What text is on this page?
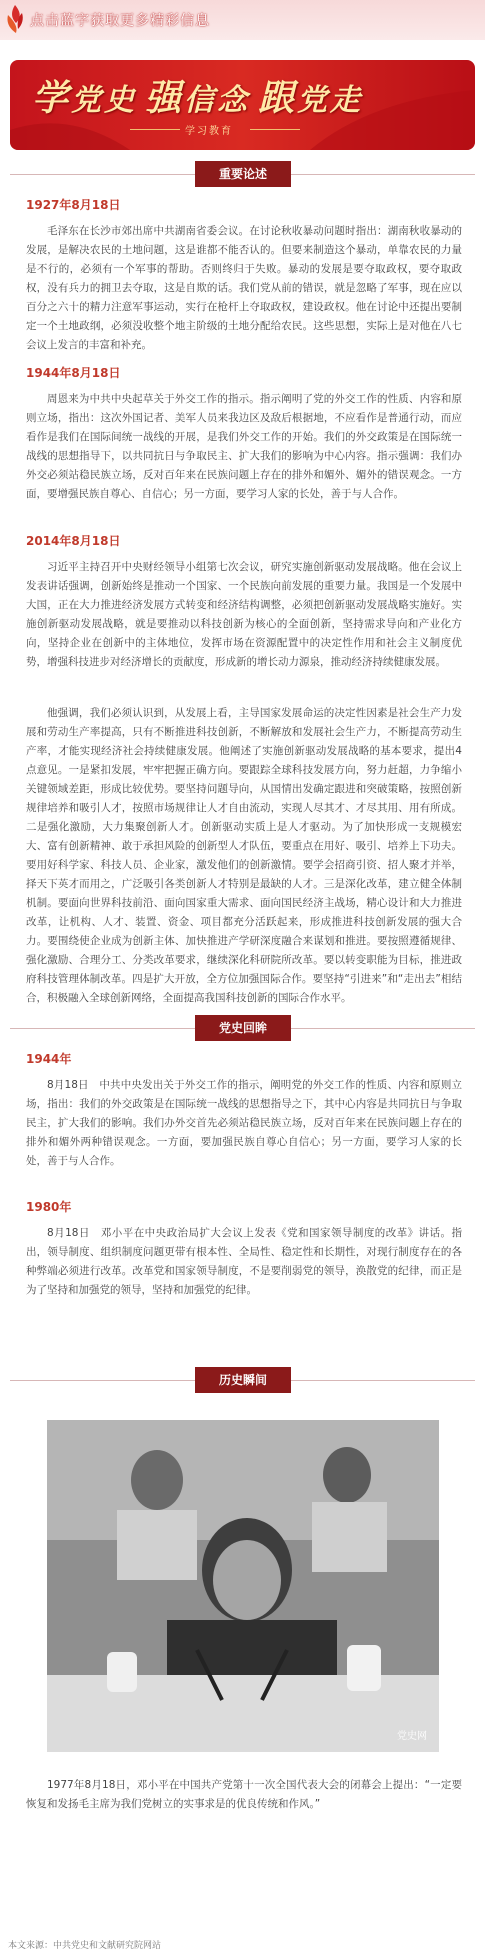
点击蓝字获取更多精彩信息
学党史 强信念 跟党走
学习教育
重要论述
1927年8月18日
毛泽东在长沙市郊出席中共湖南省委会议。在讨论秋收暴动问题时指出：湖南秋收暴动的发展，是解决农民的土地问题，这是谁都不能否认的。但要来制造这个暴动，单靠农民的力量是不行的，必须有一个军事的帮助。否则终归于失败。暴动的发展是要夺取政权，要夺取政权，没有兵力的拥卫去夺取，这是自欺的话。我们党从前的错误，就是忽略了军事，现在应以百分之六十的精力注意军事运动，实行在枪杆上夺取政权，建设政权。他在讨论中还提出要制定一个土地政纲，必须没收整个地主阶级的土地分配给农民。这些思想，实际上是对他在八七会议上发言的丰富和补充。
1944年8月18日
周恩来为中共中央起草关于外交工作的指示。指示阐明了党的外交工作的性质、内容和原则立场，指出：这次外国记者、美军人员来我边区及敌后根据地，不应看作是普通行动，而应看作是我们在国际间统一战线的开展，是我们外交工作的开始。我们的外交政策是在国际统一战线的思想指导下，以共同抗日与争取民主、扩大我们的影响为中心内容。指示强调：我们办外交必须站稳民族立场，反对百年来在民族问题上存在的排外和媚外、媚外的错误观念。一方面，要增强民族自尊心、自信心；另一方面，要学习人家的长处，善于与人合作。
2014年8月18日
习近平主持召开中央财经领导小组第七次会议，研究实施创新驱动发展战略。他在会议上发表讲话强调，创新始终是推动一个国家、一个民族向前发展的重要力量。我国是一个发展中大国，正在大力推进经济发展方式转变和经济结构调整，必须把创新驱动发展战略实施好。实施创新驱动发展战略，就是要推动以科技创新为核心的全面创新，坚持需求导向和产业化方向，坚持企业在创新中的主体地位，发挥市场在资源配置中的决定性作用和社会主义制度优势，增强科技进步对经济增长的贡献度，形成新的增长动力源泉，推动经济持续健康发展。
他强调，我们必须认识到，从发展上看，主导国家发展命运的决定性因素是社会生产力发展和劳动生产率提高，只有不断推进科技创新，不断解放和发展社会生产力，不断提高劳动生产率，才能实现经济社会持续健康发展。他阐述了实施创新驱动发展战略的基本要求，提出4点意见。一是紧扣发展，牢牢把握正确方向。要跟踪全球科技发展方向，努力赶超，力争缩小关键领域差距，形成比较优势。要坚持问题导向，从国情出发确定跟进和突破策略，按照创新规律培养和吸引人才，按照市场规律让人才自由流动，实现人尽其才、才尽其用、用有所成。二是强化激励，大力集聚创新人才。创新驱动实质上是人才驱动。为了加快形成一支规模宏大、富有创新精神、敢于承担风险的创新型人才队伍，要重点在用好、吸引、培养上下功夫。要用好科学家、科技人员、企业家，激发他们的创新激情。要学会招商引资、招人聚才并举，择天下英才而用之，广泛吸引各类创新人才特别是最缺的人才。三是深化改革，建立健全体制机制。要面向世界科技前沿、面向国家重大需求、面向国民经济主战场，精心设计和大力推进改革，让机构、人才、装置、资金、项目都充分活跃起来，形成推进科技创新发展的强大合力。要围绕使企业成为创新主体、加快推进产学研深度融合来谋划和推进。要按照遵循规律、强化激励、合理分工、分类改革要求，继续深化科研院所改革。要以转变职能为目标，推进政府科技管理体制改革。四是扩大开放，全方位加强国际合作。要坚持“引进来”和“走出去”相结合，积极融入全球创新网络，全面提高我国科技创新的国际合作水平。
党史回眸
1944年
8月18日　中共中央发出关于外交工作的指示，阐明党的外交工作的性质、内容和原则立场，指出：我们的外交政策是在国际统一战线的思想指导之下，其中心内容是共同抗日与争取民主，扩大我们的影响。我们办外交首先必须站稳民族立场，反对百年来在民族问题上存在的排外和媚外两种错误观念。一方面，要加强民族自尊心自信心；另一方面，要学习人家的长处，善于与人合作。
1980年
8月18日　邓小平在中央政治局扩大会议上发表《党和国家领导制度的改革》讲话。指出，领导制度、组织制度问题更带有根本性、全局性、稳定性和长期性，对现行制度存在的各种弊端必须进行改革。改革党和国家领导制度，不是要削弱党的领导，涣散党的纪律，而正是为了坚持和加强党的领导，坚持和加强党的纪律。
历史瞬间
党史网
1977年8月18日，邓小平在中国共产党第十一次全国代表大会的闭幕会上提出：“一定要恢复和发扬毛主席为我们党树立的实事求是的优良传统和作风。”
本文来源：中共党史和文献研究院网站
